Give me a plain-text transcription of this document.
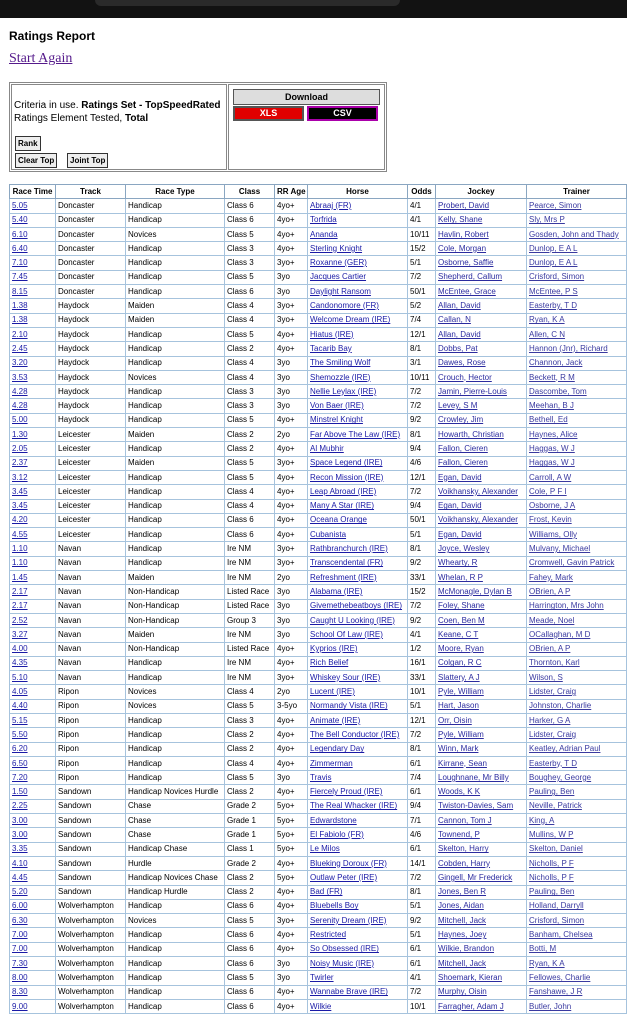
Ratings Report
Start Again
Criteria in use. Ratings Set - TopSpeedRated
Ratings Element Tested, Total
Rank
Clear Top	Joint Top
Download
XLS	CSV
Race Time	Track	Race Type	Class	RR Age	Horse	Odds	Jockey	Trainer
5.05	Doncaster	Handicap	Class 6	4yo+	Abraaj (FR)	4/1	Probert, David	Pearce, Simon
5.40	Doncaster	Handicap	Class 6	4yo+	Torfrida	4/1	Kelly, Shane	Sly, Mrs P
6.10	Doncaster	Novices	Class 5	4yo+	Ananda	10/11	Havlin, Robert	Gosden, John and Thady
6.40	Doncaster	Handicap	Class 3	4yo+	Sterling Knight	15/2	Cole, Morgan	Dunlop, E A L
7.10	Doncaster	Handicap	Class 3	3yo+	Roxanne (GER)	5/1	Osborne, Saffie	Dunlop, E A L
7.45	Doncaster	Handicap	Class 5	3yo	Jacques Cartier	7/2	Shepherd, Callum	Crisford, Simon
8.15	Doncaster	Handicap	Class 6	3yo	Daylight Ransom	50/1	McEntee, Grace	McEntee, P S
1.38	Haydock	Maiden	Class 4	3yo+	Candonomore (FR)	5/2	Allan, David	Easterby, T D
1.38	Haydock	Maiden	Class 4	3yo+	Welcome Dream (IRE)	7/4	Callan, N	Ryan, K A
2.10	Haydock	Handicap	Class 5	4yo+	Hiatus (IRE)	12/1	Allan, David	Allen, C N
2.45	Haydock	Handicap	Class 2	4yo+	Tacarib Bay	8/1	Dobbs, Pat	Hannon (Jnr), Richard
3.20	Haydock	Handicap	Class 4	3yo	The Smiling Wolf	3/1	Dawes, Rose	Channon, Jack
3.53	Haydock	Novices	Class 4	3yo	Shemozzle (IRE)	10/11	Crouch, Hector	Beckett, R M
4.28	Haydock	Handicap	Class 3	3yo	Nellie Leylax (IRE)	7/2	Jamin, Pierre-Louis	Dascombe, Tom
4.28	Haydock	Handicap	Class 3	3yo	Von Baer (IRE)	7/2	Levey, S M	Meehan, B J
5.00	Haydock	Handicap	Class 5	4yo+	Minstrel Knight	9/2	Crowley, Jim	Bethell, Ed
1.30	Leicester	Maiden	Class 2	2yo	Far Above The Law (IRE)	8/1	Howarth, Christian	Haynes, Alice
2.05	Leicester	Handicap	Class 2	4yo+	Al Mubhir	9/4	Fallon, Cieren	Haggas, W J
2.37	Leicester	Maiden	Class 5	3yo+	Space Legend (IRE)	4/6	Fallon, Cieren	Haggas, W J
3.12	Leicester	Handicap	Class 5	4yo+	Recon Mission (IRE)	12/1	Egan, David	Carroll, A W
3.45	Leicester	Handicap	Class 4	4yo+	Leap Abroad (IRE)	7/2	Voikhansky, Alexander	Cole, P F I
3.45	Leicester	Handicap	Class 4	4yo+	Many A Star (IRE)	9/4	Egan, David	Osborne, J A
4.20	Leicester	Handicap	Class 6	4yo+	Oceana Orange	50/1	Voikhansky, Alexander	Frost, Kevin
4.55	Leicester	Handicap	Class 6	4yo+	Cubanista	5/1	Egan, David	Williams, Olly
1.10	Navan	Handicap	Ire NM	3yo+	Rathbranchurch (IRE)	8/1	Joyce, Wesley	Mulvany, Michael
1.10	Navan	Handicap	Ire NM	3yo+	Transcendental (FR)	9/2	Whearty, R	Cromwell, Gavin Patrick
1.45	Navan	Maiden	Ire NM	2yo	Refreshment (IRE)	33/1	Whelan, R P	Fahey, Mark
2.17	Navan	Non-Handicap	Listed Race	3yo	Alabama (IRE)	15/2	McMonagle, Dylan B	OBrien, A P
2.17	Navan	Non-Handicap	Listed Race	3yo	Givemethebeatboys (IRE)	7/2	Foley, Shane	Harrington, Mrs John
2.52	Navan	Non-Handicap	Group 3	3yo	Caught U Looking (IRE)	9/2	Coen, Ben M	Meade, Noel
3.27	Navan	Maiden	Ire NM	3yo	School Of Law (IRE)	4/1	Keane, C T	OCallaghan, M D
4.00	Navan	Non-Handicap	Listed Race	4yo+	Kyprios (IRE)	1/2	Moore, Ryan	OBrien, A P
4.35	Navan	Handicap	Ire NM	4yo+	Rich Belief	16/1	Colgan, R C	Thornton, Karl
5.10	Navan	Handicap	Ire NM	3yo+	Whiskey Sour (IRE)	33/1	Slattery, A J	Wilson, S
4.05	Ripon	Novices	Class 4	2yo	Lucent (IRE)	10/1	Pyle, William	Lidster, Craig
4.40	Ripon	Novices	Class 5	3-5yo	Normandy Vista (IRE)	5/1	Hart, Jason	Johnston, Charlie
5.15	Ripon	Handicap	Class 3	4yo+	Animate (IRE)	12/1	Orr, Oisin	Harker, G A
5.50	Ripon	Handicap	Class 2	4yo+	The Bell Conductor (IRE)	7/2	Pyle, William	Lidster, Craig
6.20	Ripon	Handicap	Class 2	4yo+	Legendary Day	8/1	Winn, Mark	Keatley, Adrian Paul
6.50	Ripon	Handicap	Class 4	4yo+	Zimmerman	6/1	Kirrane, Sean	Easterby, T D
7.20	Ripon	Handicap	Class 5	3yo	Travis	7/4	Loughnane, Mr Billy	Boughey, George
1.50	Sandown	Handicap Novices Hurdle	Class 2	4yo+	Fiercely Proud (IRE)	6/1	Woods, K K	Pauling, Ben
2.25	Sandown	Chase	Grade 2	5yo+	The Real Whacker (IRE)	9/4	Twiston-Davies, Sam	Neville, Patrick
3.00	Sandown	Chase	Grade 1	5yo+	Edwardstone	7/1	Cannon, Tom J	King, A
3.00	Sandown	Chase	Grade 1	5yo+	El Fabiolo (FR)	4/6	Townend, P	Mullins, W P
3.35	Sandown	Handicap Chase	Class 1	5yo+	Le Milos	6/1	Skelton, Harry	Skelton, Daniel
4.10	Sandown	Hurdle	Grade 2	4yo+	Blueking Doroux (FR)	14/1	Cobden, Harry	Nicholls, P F
4.45	Sandown	Handicap Novices Chase	Class 2	5yo+	Outlaw Peter (IRE)	7/2	Gingell, Mr Frederick	Nicholls, P F
5.20	Sandown	Handicap Hurdle	Class 2	4yo+	Bad (FR)	8/1	Jones, Ben R	Pauling, Ben
6.00	Wolverhampton	Handicap	Class 6	4yo+	Bluebells Boy	5/1	Jones, Aidan	Holland, Darryll
6.30	Wolverhampton	Novices	Class 5	3yo+	Serenity Dream (IRE)	9/2	Mitchell, Jack	Crisford, Simon
7.00	Wolverhampton	Handicap	Class 6	4yo+	Restricted	5/1	Haynes, Joey	Banham, Chelsea
7.00	Wolverhampton	Handicap	Class 6	4yo+	So Obsessed (IRE)	6/1	Wilkie, Brandon	Botti, M
7.30	Wolverhampton	Handicap	Class 6	3yo	Noisy Music (IRE)	6/1	Mitchell, Jack	Ryan, K A
8.00	Wolverhampton	Handicap	Class 5	3yo	Twirler	4/1	Shoemark, Kieran	Fellowes, Charlie
8.30	Wolverhampton	Handicap	Class 6	4yo+	Wannabe Brave (IRE)	7/2	Murphy, Oisin	Fanshawe, J R
9.00	Wolverhampton	Handicap	Class 6	4yo+	Wilkie	10/1	Farragher, Adam J	Butler, John
